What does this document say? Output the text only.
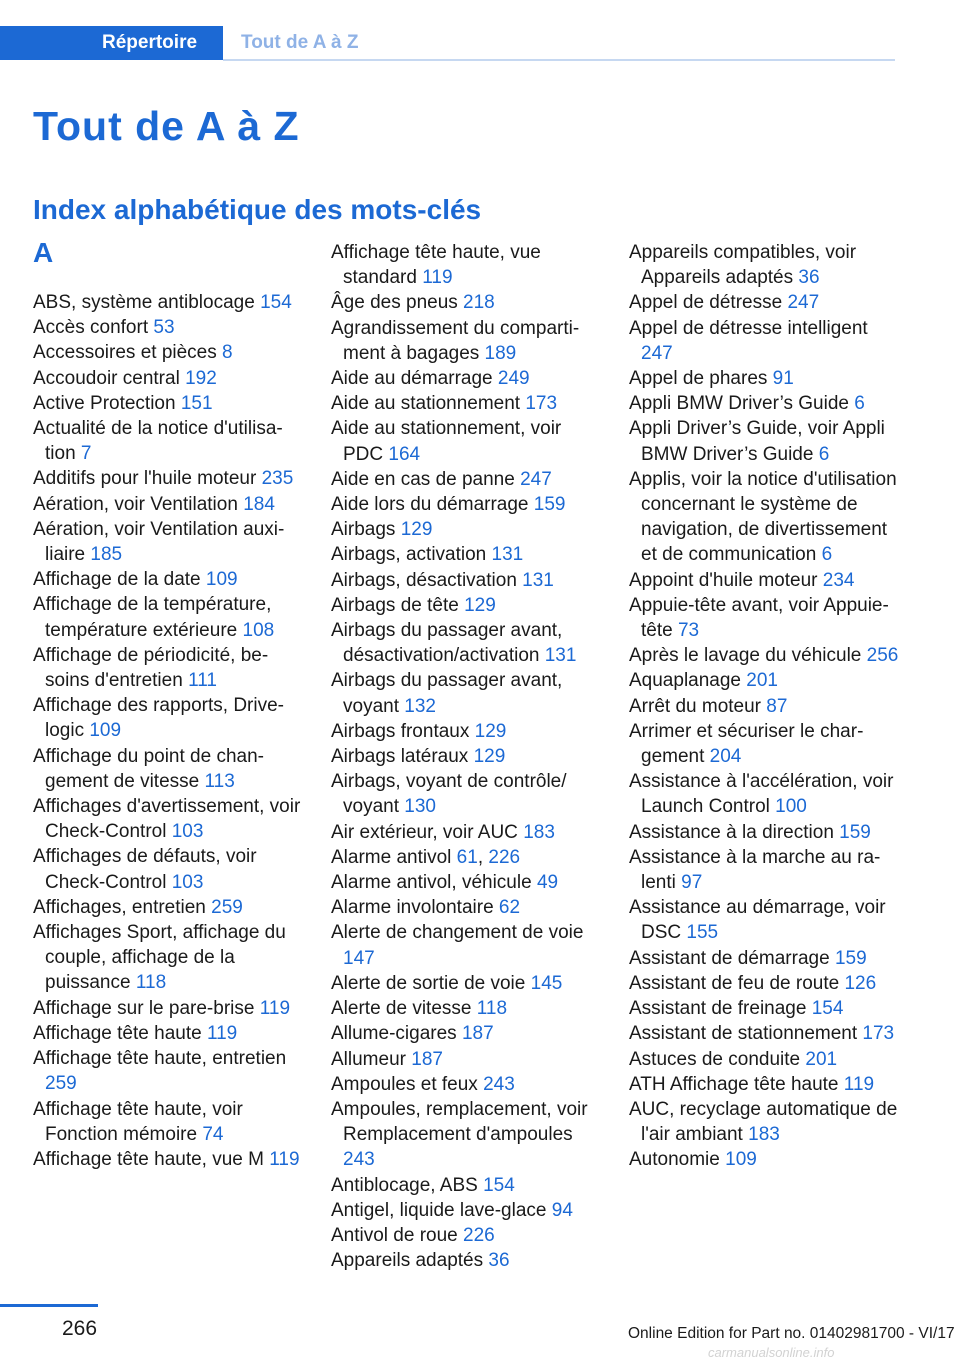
Répertoire	Tout de A à Z
Tout de A à Z
Index alphabétique des mots-clés
A
ABS, système antiblocage 154
Accès confort 53
Accessoires et pièces 8
Accoudoir central 192
Active Protection 151
Actualité de la notice d'utilisation 7
Additifs pour l'huile moteur 235
Aération, voir Ventilation 184
Aération, voir Ventilation auxiliaire 185
Affichage de la date 109
Affichage de la température, température extérieure 108
Affichage de périodicité, besoins d'entretien 111
Affichage des rapports, Drivelogic 109
Affichage du point de changement de vitesse 113
Affichages d'avertissement, voir Check-Control 103
Affichages de défauts, voir Check-Control 103
Affichages, entretien 259
Affichages Sport, affichage du couple, affichage de la puissance 118
Affichage sur le pare-brise 119
Affichage tête haute 119
Affichage tête haute, entretien 259
Affichage tête haute, voir Fonction mémoire 74
Affichage tête haute, vue M 119
Affichage tête haute, vue standard 119
Âge des pneus 218
Agrandissement du compartiment à bagages 189
Aide au démarrage 249
Aide au stationnement 173
Aide au stationnement, voir PDC 164
Aide en cas de panne 247
Aide lors du démarrage 159
Airbags 129
Airbags, activation 131
Airbags, désactivation 131
Airbags de tête 129
Airbags du passager avant, désactivation/activation 131
Airbags du passager avant, voyant 132
Airbags frontaux 129
Airbags latéraux 129
Airbags, voyant de contrôle/ voyant 130
Air extérieur, voir AUC 183
Alarme antivol 61, 226
Alarme antivol, véhicule 49
Alarme involontaire 62
Alerte de changement de voie 147
Alerte de sortie de voie 145
Alerte de vitesse 118
Allume-cigares 187
Allumeur 187
Ampoules et feux 243
Ampoules, remplacement, voir Remplacement d'ampoules 243
Antiblocage, ABS 154
Antigel, liquide lave-glace 94
Antivol de roue 226
Appareils adaptés 36
Appareils compatibles, voir Appareils adaptés 36
Appel de détresse 247
Appel de détresse intelligent 247
Appel de phares 91
Appli BMW Driver’s Guide 6
Appli Driver’s Guide, voir Appli BMW Driver’s Guide 6
Applis, voir la notice d'utilisation concernant le système de navigation, de divertissement et de communication 6
Appoint d'huile moteur 234
Appuie-tête avant, voir Appuie-tête 73
Après le lavage du véhicule 256
Aquaplanage 201
Arrêt du moteur 87
Arrimer et sécuriser le chargement 204
Assistance à l'accélération, voir Launch Control 100
Assistance à la direction 159
Assistance à la marche au ralenti 97
Assistance au démarrage, voir DSC 155
Assistant de démarrage 159
Assistant de feu de route 126
Assistant de freinage 154
Assistant de stationnement 173
Astuces de conduite 201
ATH Affichage tête haute 119
AUC, recyclage automatique de l'air ambiant 183
Autonomie 109
266	Online Edition for Part no. 01402981700 - VI/17
carmanualsonline.info
